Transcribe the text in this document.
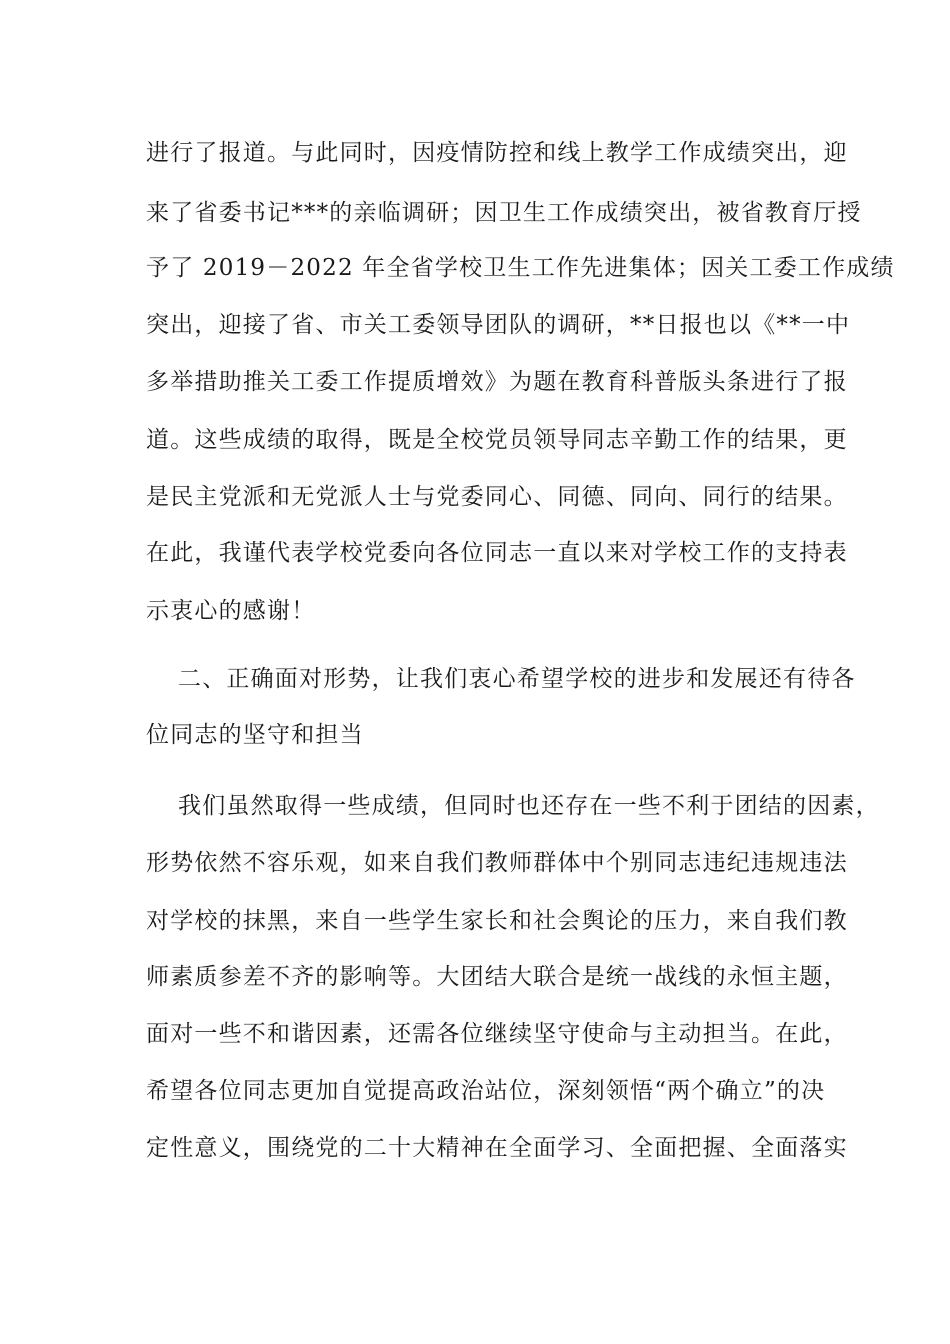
进行了报道。与此同时，因疫情防控和线上教学工作成绩突出，迎
来了省委书记***的亲临调研；因卫生工作成绩突出，被省教育厅授
予了 2019－2022 年全省学校卫生工作先进集体；因关工委工作成绩
突出，迎接了省、市关工委领导团队的调研，**日报也以《**一中
多举措助推关工委工作提质增效》为题在教育科普版头条进行了报
道。这些成绩的取得，既是全校党员领导同志辛勤工作的结果，更
是民主党派和无党派人士与党委同心、同德、同向、同行的结果。
在此，我谨代表学校党委向各位同志一直以来对学校工作的支持表
示衷心的感谢！
二、正确面对形势，让我们衷心希望学校的进步和发展还有待各
位同志的坚守和担当
我们虽然取得一些成绩，但同时也还存在一些不利于团结的因素，
形势依然不容乐观，如来自我们教师群体中个别同志违纪违规违法
对学校的抹黑，来自一些学生家长和社会舆论的压力，来自我们教
师素质参差不齐的影响等。大团结大联合是统一战线的永恒主题，
面对一些不和谐因素，还需各位继续坚守使命与主动担当。在此，
希望各位同志更加自觉提高政治站位，深刻领悟“两个确立”的决
定性意义，围绕党的二十大精神在全面学习、全面把握、全面落实
